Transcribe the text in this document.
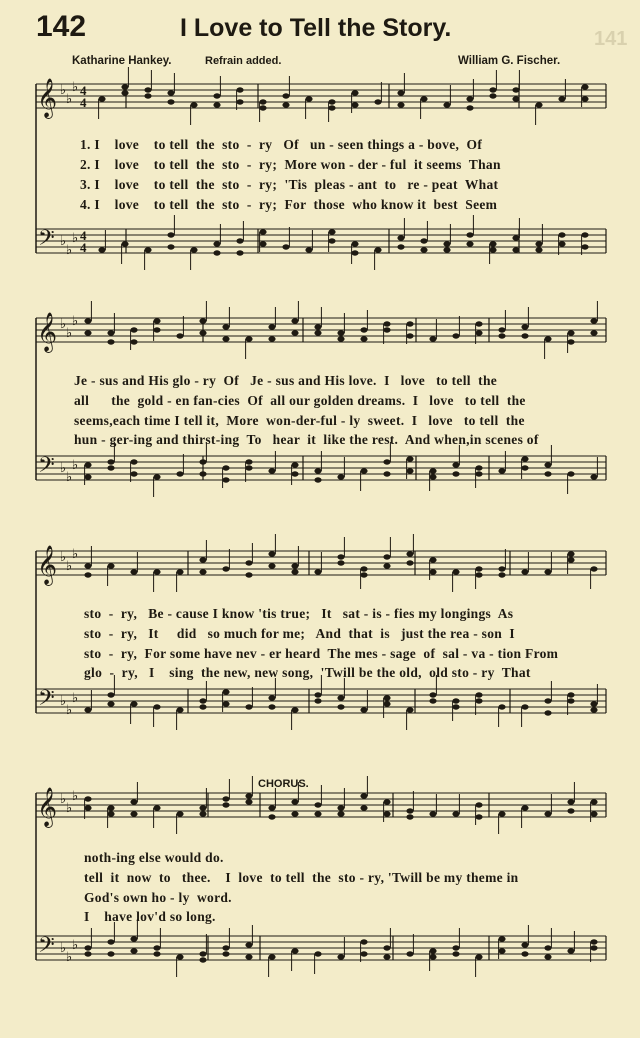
142	I Love to Tell the Story.	141
Katharine Hankey.	Refrain added.	William G. Fischer.
CHORUS.
𝄞
𝄢
♭
♭
♭
♭
♭
♭
4
4
4
4
𝄞
𝄢
♭
♭
♭
♭
♭
♭
𝄞
𝄢
♭
♭
♭
♭
♭
♭
𝄞
𝄢
♭
♭
♭
♭
♭
♭
1. I    love    to tell  the  sto  -  ry   Of   un - seen things a - bove,  Of
2. I    love    to tell  the  sto  -  ry;  More won - der - ful  it seems  Than
3. I    love    to tell  the  sto  -  ry;  'Tis  pleas - ant  to   re - peat  What
4. I    love    to tell  the  sto  -  ry;  For  those  who know it  best  Seem
Je - sus and His glo - ry  Of   Je - sus and His love.  I   love   to tell  the
all      the  gold - en fan-cies  Of  all our golden dreams.  I   love   to tell  the
seems,each time I tell it,  More  won-der-ful - ly  sweet.  I   love   to tell  the
hun - ger-ing and thirst-ing  To   hear  it  like the rest.  And when,in scenes of
sto  -  ry,   Be - cause I know 'tis true;   It   sat - is - fies my longings  As
sto  -  ry,   It     did   so much for me;   And  that  is   just the rea - son  I
sto  -  ry,  For some have nev - er heard  The mes - sage  of  sal - va - tion From
glo  -  ry,   I    sing  the new, new song,  'Twill be the old,  old sto - ry  That
noth-ing else would do.
tell  it  now  to   thee.    I  love  to tell  the  sto - ry, 'Twill be my theme in
God's own ho - ly  word.
I    have lov'd so long.
